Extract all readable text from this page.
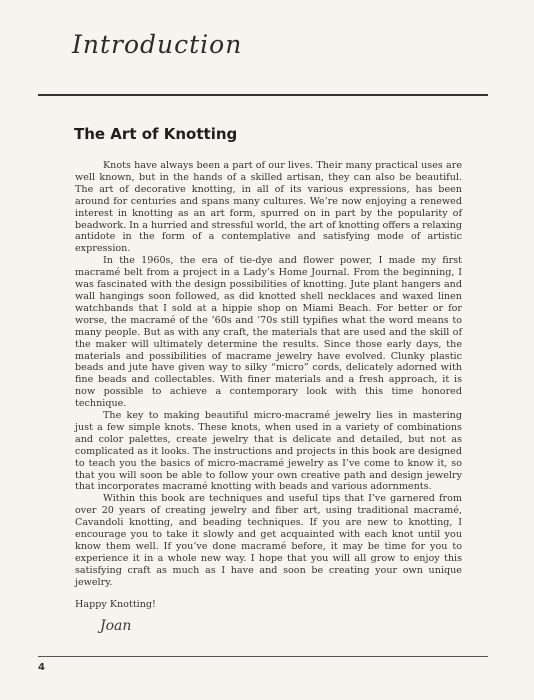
Introduction
The Art of Knotting

Knots have always been a part of our lives. Their many practical uses are well known, but in the hands of a skilled artisan, they can also be beautiful. The art of decorative knotting, in all of its various expressions, has been around for centuries and spans many cultures. We’re now enjoying a renewed interest in knotting as an art form, spurred on in part by the popularity of beadwork. In a hurried and stressful world, the art of knotting offers a relaxing antidote in the form of a contemplative and satisfying mode of artistic expression.

In the 1960s, the era of tie-dye and flower power, I made my first macramé belt from a project in a Lady’s Home Journal. From the beginning, I was fascinated with the design possibilities of knotting. Jute plant hangers and wall hangings soon followed, as did knotted shell necklaces and waxed linen watchbands that I sold at a hippie shop on Miami Beach. For better or for worse, the macramé of the ’60s and ’70s still typifies what the word means to many people. But as with any craft, the materials that are used and the skill of the maker will ultimately determine the results. Since those early days, the materials and possibilities of macrame jewelry have evolved. Clunky plastic beads and jute have given way to silky “micro” cords, delicately adorned with fine beads and collectables. With finer materials and a fresh approach, it is now possible to achieve a contemporary look with this time honored technique.

The key to making beautiful micro-macramé jewelry lies in mastering just a few simple knots. These knots, when used in a variety of combinations and color palettes, create jewelry that is delicate and detailed, but not as complicated as it looks. The instructions and projects in this book are designed to teach you the basics of micro-macramé jewelry as I’ve come to know it, so that you will soon be able to follow your own creative path and design jewelry that incorporates macramé knotting with beads and various adornments.

Within this book are techniques and useful tips that I’ve garnered from over 20 years of creating jewelry and fiber art, using traditional macramé, Cavandoli knotting, and beading techniques. If you are new to knotting, I encourage you to take it slowly and get acquainted with each knot until you know them well. If you’ve done macramé before, it may be time for you to experience it in a whole new way. I hope that you will all grow to enjoy this satisfying craft as much as I have and soon be creating your own unique jewelry.

Happy Knotting!
Joan
4
